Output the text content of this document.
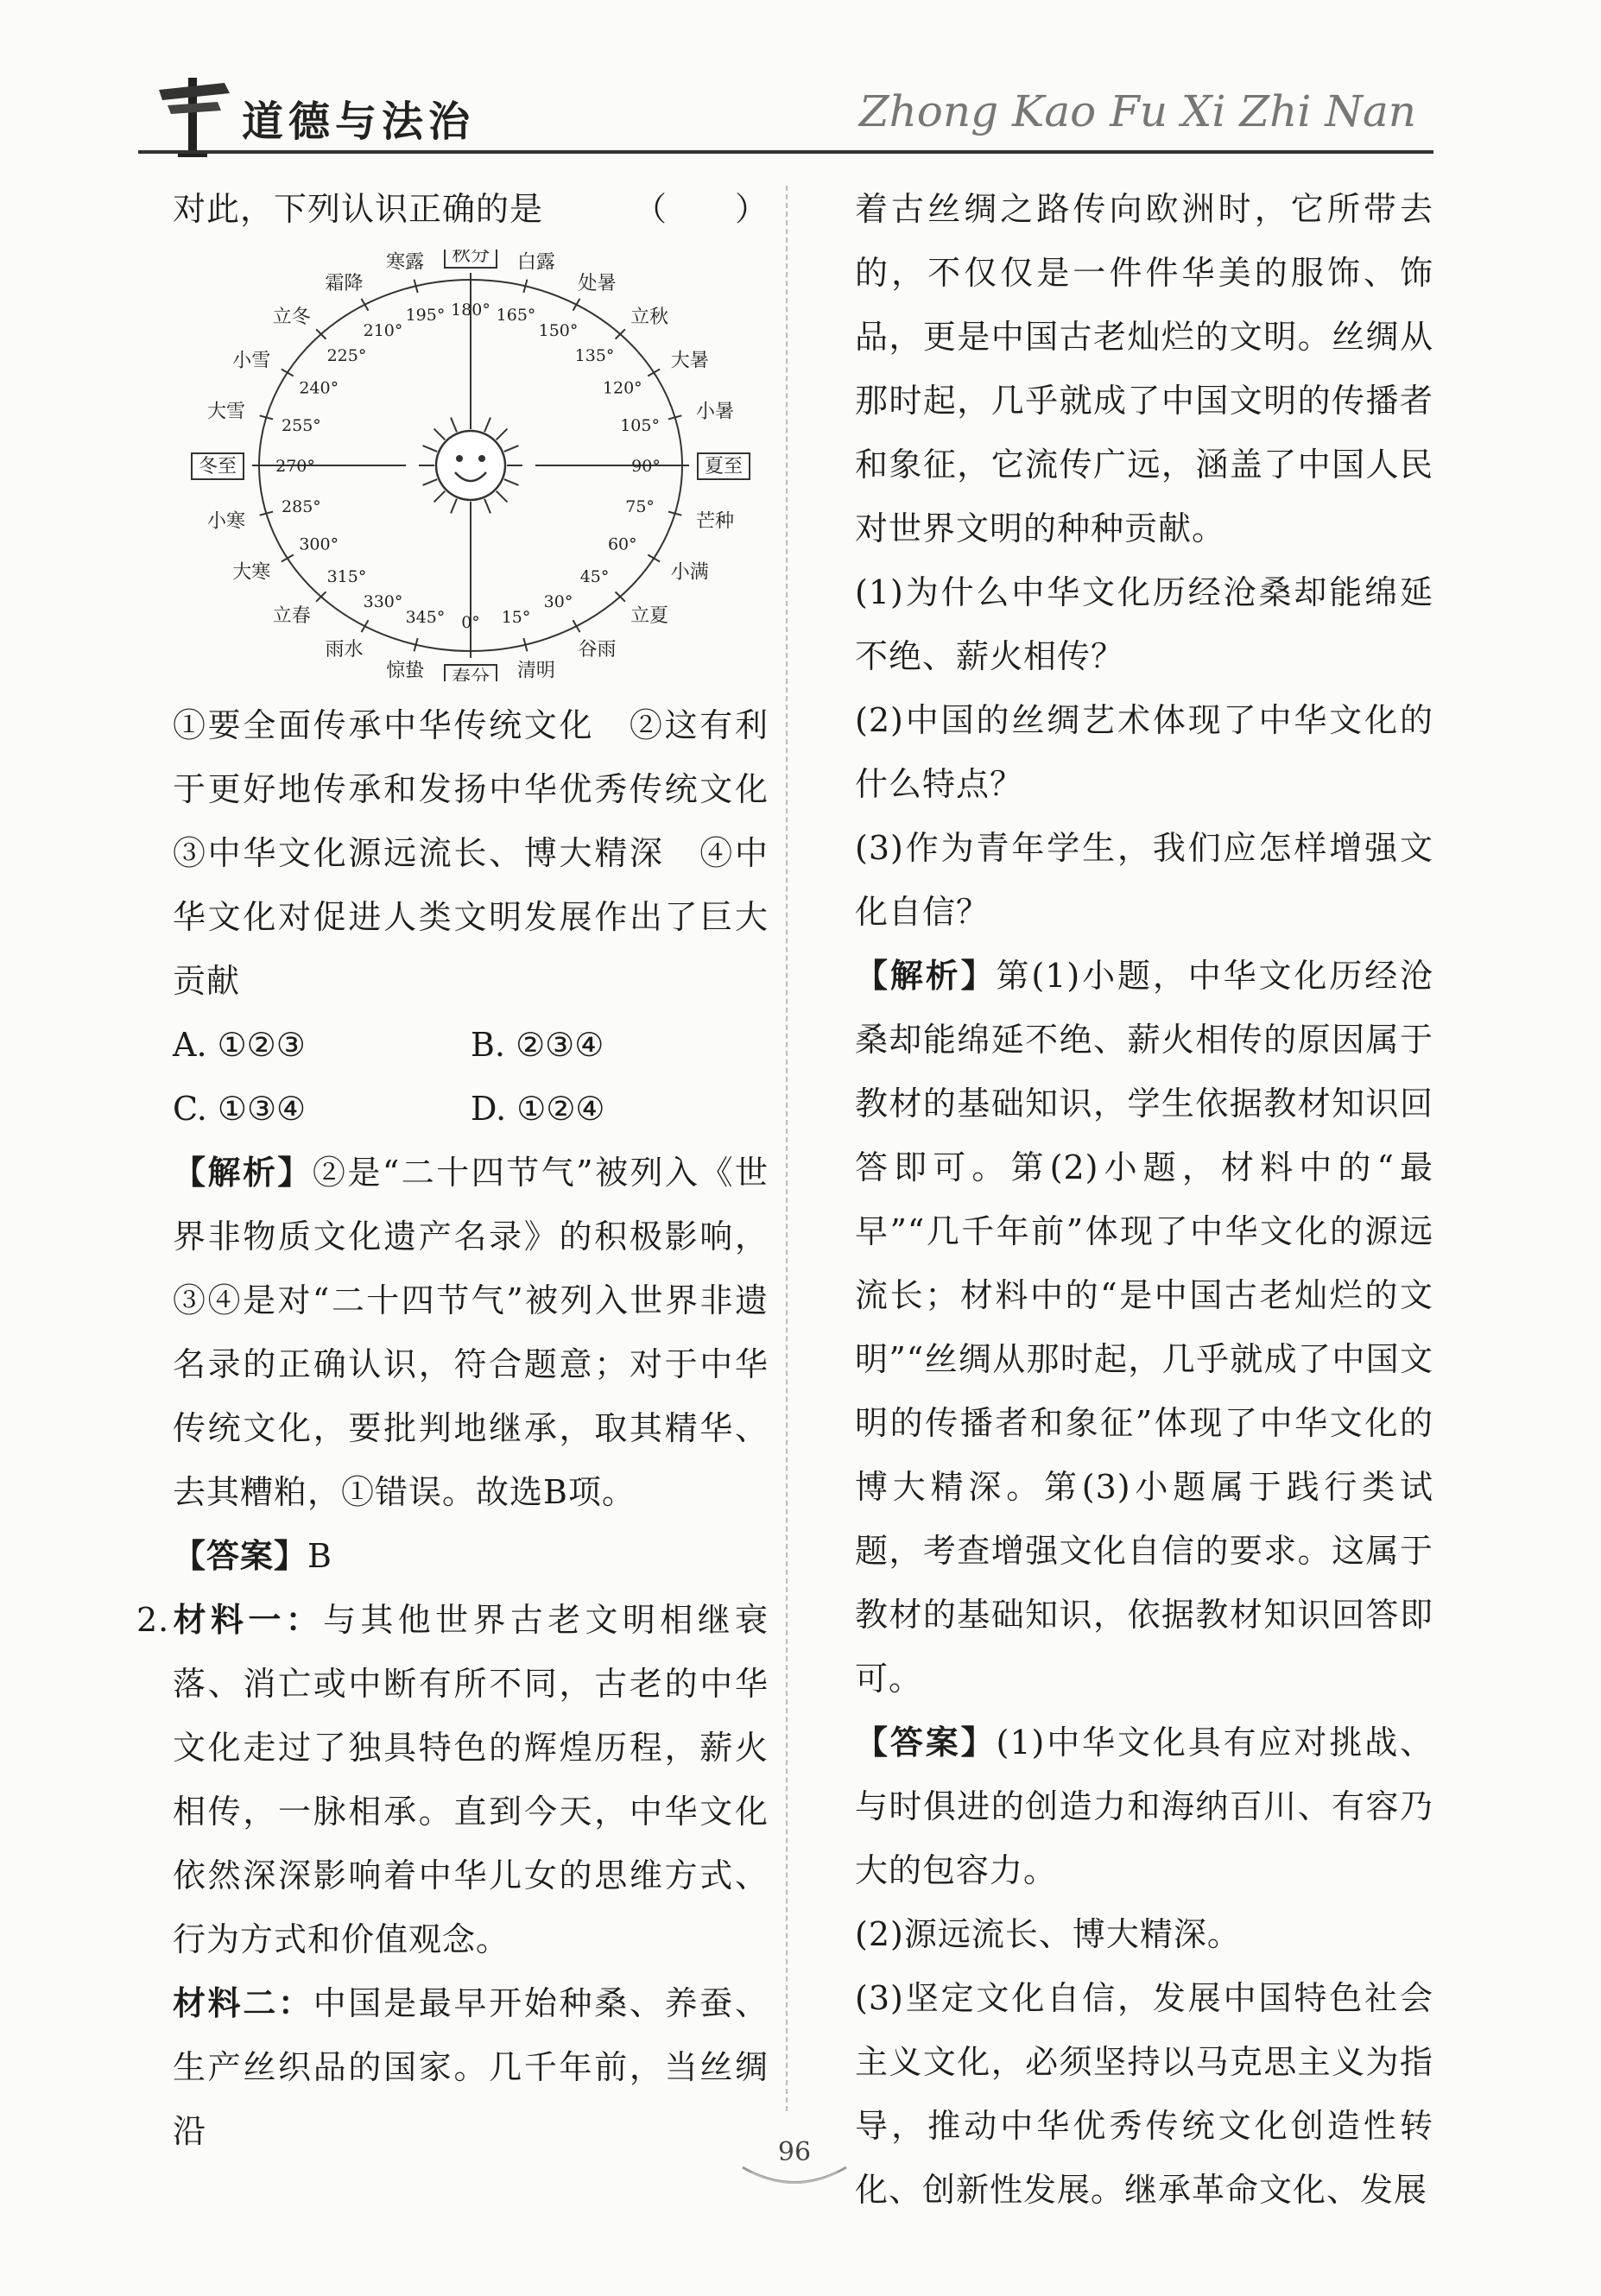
道德与法治	Zhong Kao Fu Xi Zhi Nan

对此，下列认识正确的是	（　　）

0°
春分
15°
清明
30°
谷雨
45°
立夏
60°
小满
75°
芒种
90° 夏至
105°
小暑
120°
大暑
135°
立秋
150°
处暑
165°
白露
180°
秋分
195°
寒露
210°
霜降
225°
立冬
240°
小雪
255°
大雪
270°
冬至
285°
小寒
300°
大寒	315°
立春
330°
雨水
345°
惊蛰

①要全面传承中华传统文化　②这有利于更好地传承和发扬中华优秀传统文化　③中华文化源远流长、博大精深　④中华文化对促进人类文明发展作出了巨大贡献

A. ①②③	B. ②③④
C. ①③④	D. ①②④

【解析】②是“二十四节气”被列入《世界非物质文化遗产名录》的积极影响，③④是对“二十四节气”被列入世界非遗名录的正确认识，符合题意；对于中华传统文化，要批判地继承，取其精华、去其糟粕，①错误。故选B项。

【答案】B

2.材料一：与其他世界古老文明相继衰落、消亡或中断有所不同，古老的中华文化走过了独具特色的辉煌历程，薪火相传，一脉相承。直到今天，中华文化依然深深影响着中华儿女的思维方式、行为方式和价值观念。

材料二：中国是最早开始种桑、养蚕、生产丝织品的国家。几千年前，当丝绸沿

着古丝绸之路传向欧洲时，它所带去的，不仅仅是一件件华美的服饰、饰品，更是中国古老灿烂的文明。丝绸从那时起，几乎就成了中国文明的传播者和象征，它流传广远，涵盖了中国人民对世界文明的种种贡献。

(1)为什么中华文化历经沧桑却能绵延不绝、薪火相传？

(2)中国的丝绸艺术体现了中华文化的什么特点？

(3)作为青年学生，我们应怎样增强文化自信？

【解析】第(1)小题，中华文化历经沧桑却能绵延不绝、薪火相传的原因属于教材的基础知识，学生依据教材知识回答即可。第(2)小题，材料中的“最早”“几千年前”体现了中华文化的源远流长；材料中的“是中国古老灿烂的文明”“丝绸从那时起，几乎就成了中国文明的传播者和象征”体现了中华文化的博大精深。第(3)小题属于践行类试题，考查增强文化自信的要求。这属于教材的基础知识，依据教材知识回答即可。

【答案】(1)中华文化具有应对挑战、与时俱进的创造力和海纳百川、有容乃大的包容力。

(2)源远流长、博大精深。

(3)坚定文化自信，发展中国特色社会主义文化，必须坚持以马克思主义为指导，推动中华优秀传统文化创造性转化、创新性发展。继承革命文化、发展

96
